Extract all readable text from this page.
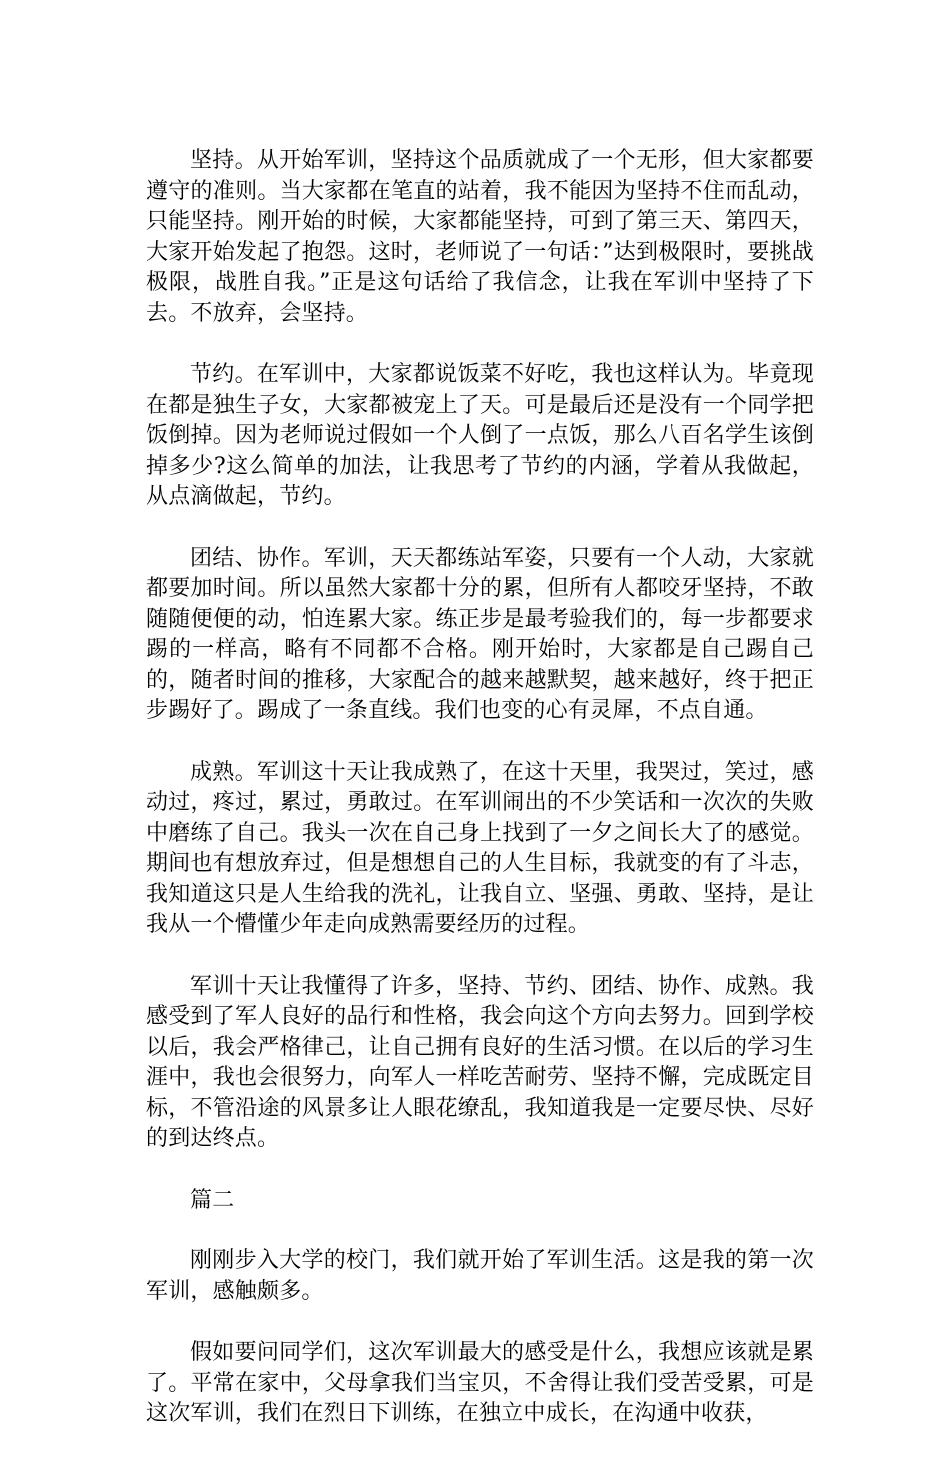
坚持。从开始军训，坚持这个品质就成了一个无形，但大家都要遵守的准则。当大家都在笔直的站着，我不能因为坚持不住而乱动，只能坚持。刚开始的时候，大家都能坚持，可到了第三天、第四天，大家开始发起了抱怨。这时，老师说了一句话：”达到极限时，要挑战极限，战胜自我。”正是这句话给了我信念，让我在军训中坚持了下去。不放弃，会坚持。

节约。在军训中，大家都说饭菜不好吃，我也这样认为。毕竟现在都是独生子女，大家都被宠上了天。可是最后还是没有一个同学把饭倒掉。因为老师说过假如一个人倒了一点饭，那么八百名学生该倒掉多少?这么简单的加法，让我思考了节约的内涵，学着从我做起，从点滴做起，节约。

团结、协作。军训，天天都练站军姿，只要有一个人动，大家就都要加时间。所以虽然大家都十分的累，但所有人都咬牙坚持，不敢随随便便的动，怕连累大家。练正步是最考验我们的，每一步都要求踢的一样高，略有不同都不合格。刚开始时，大家都是自己踢自己的，随者时间的推移，大家配合的越来越默契，越来越好，终于把正步踢好了。踢成了一条直线。我们也变的心有灵犀，不点自通。

成熟。军训这十天让我成熟了，在这十天里，我哭过，笑过，感动过，疼过，累过，勇敢过。在军训闹出的不少笑话和一次次的失败中磨练了自己。我头一次在自己身上找到了一夕之间长大了的感觉。期间也有想放弃过，但是想想自己的人生目标，我就变的有了斗志，我知道这只是人生给我的洗礼，让我自立、坚强、勇敢、坚持，是让我从一个懵懂少年走向成熟需要经历的过程。

军训十天让我懂得了许多，坚持、节约、团结、协作、成熟。我感受到了军人良好的品行和性格，我会向这个方向去努力。回到学校以后，我会严格律己，让自己拥有良好的生活习惯。在以后的学习生涯中，我也会很努力，向军人一样吃苦耐劳、坚持不懈，完成既定目标，不管沿途的风景多让人眼花缭乱，我知道我是一定要尽快、尽好的到达终点。

篇二

刚刚步入大学的校门，我们就开始了军训生活。这是我的第一次军训，感触颇多。

假如要问同学们，这次军训最大的感受是什么，我想应该就是累了。平常在家中，父母拿我们当宝贝，不舍得让我们受苦受累，可是这次军训，我们在烈日下训练，在独立中成长，在沟通中收获，
